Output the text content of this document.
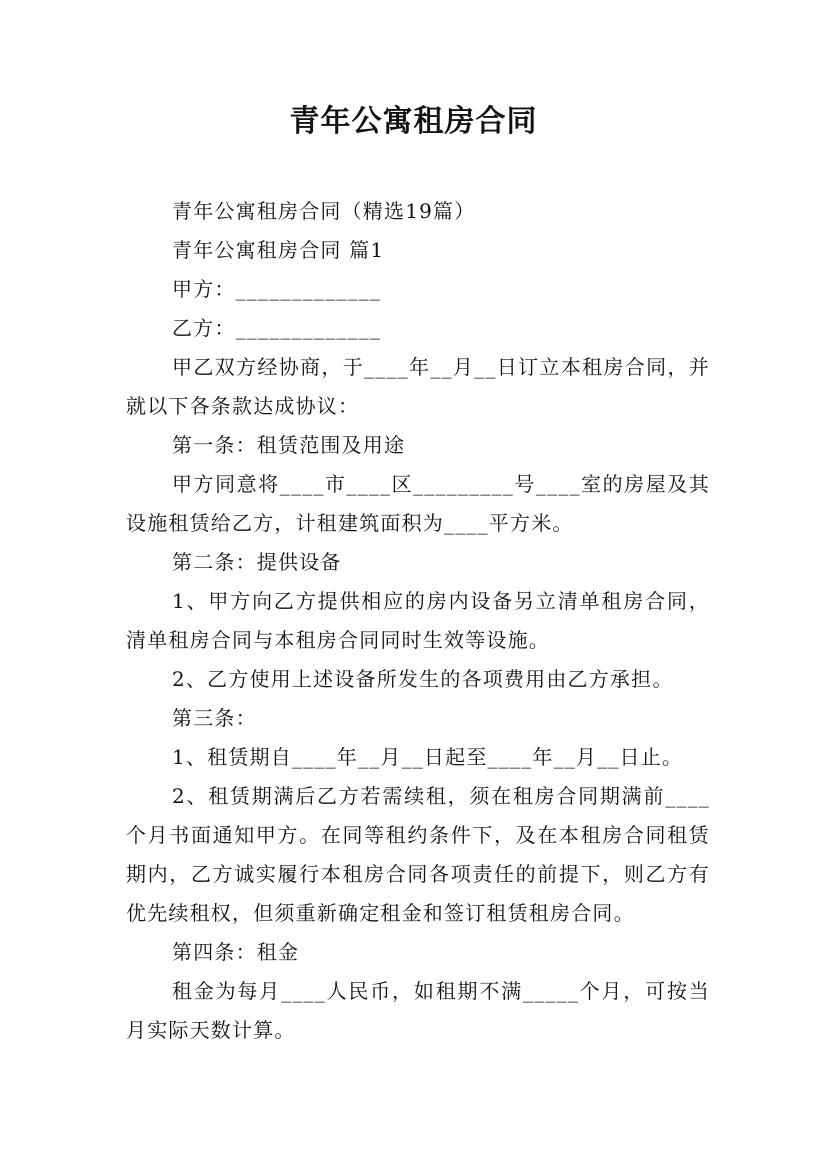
青年公寓租房合同

青年公寓租房合同（精选19篇）

青年公寓租房合同 篇1

甲方：_____________

乙方：_____________

甲乙双方经协商，于____年__月__日订立本租房合同，并就以下各条款达成协议：

第一条：租赁范围及用途

甲方同意将____市____区_________号____室的房屋及其设施租赁给乙方，计租建筑面积为____平方米。

第二条：提供设备

1、甲方向乙方提供相应的房内设备另立清单租房合同，清单租房合同与本租房合同同时生效等设施。

2、乙方使用上述设备所发生的各项费用由乙方承担。

第三条：

1、租赁期自____年__月__日起至____年__月__日止。

2、租赁期满后乙方若需续租，须在租房合同期满前____个月书面通知甲方。在同等租约条件下，及在本租房合同租赁期内，乙方诚实履行本租房合同各项责任的前提下，则乙方有优先续租权，但须重新确定租金和签订租赁租房合同。

第四条：租金

租金为每月____人民币，如租期不满_____个月，可按当月实际天数计算。
